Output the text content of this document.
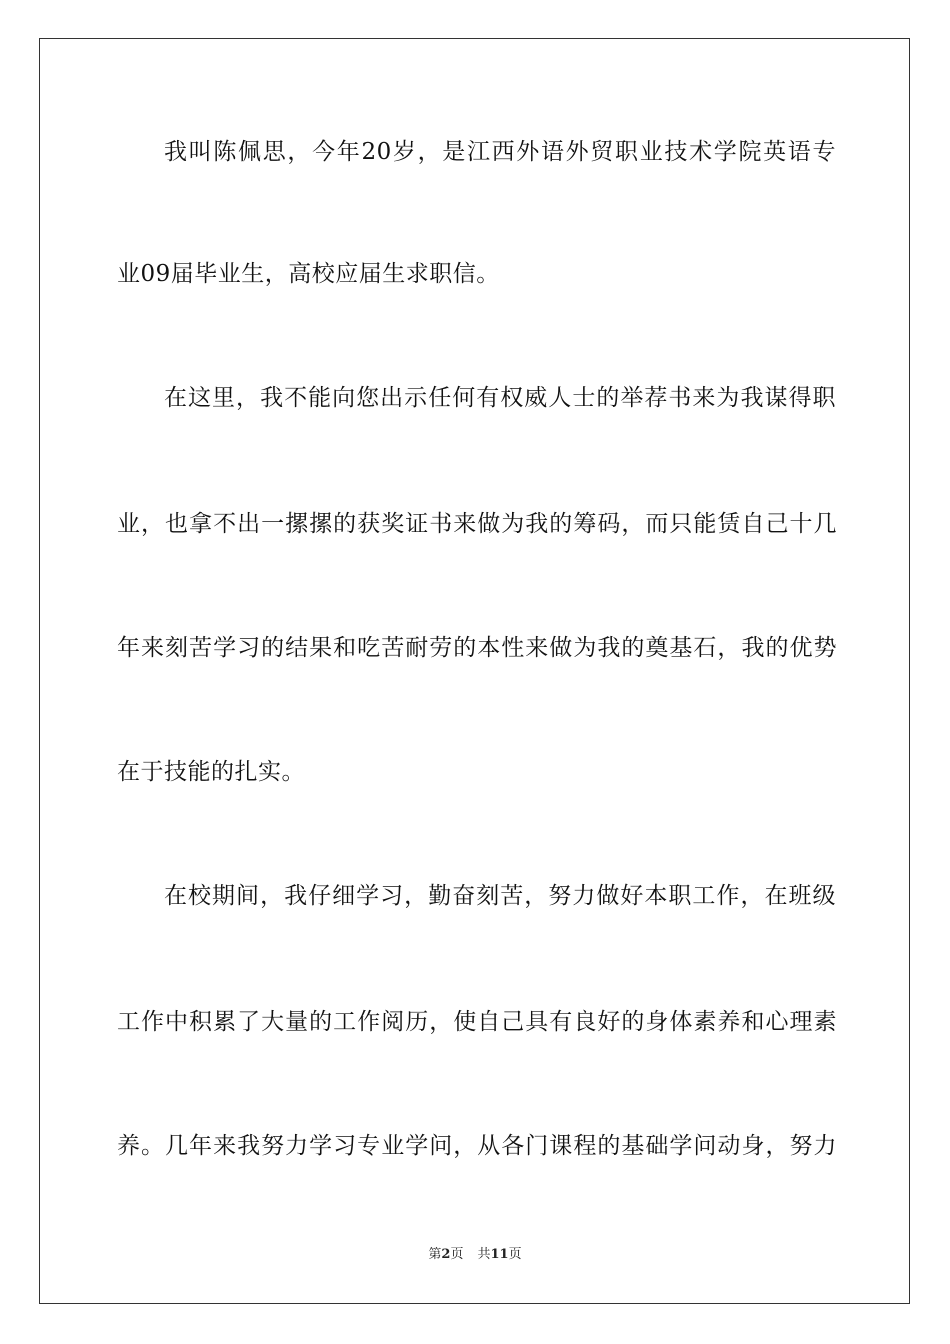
我叫陈佩思，今年20岁，是江西外语外贸职业技术学院英语专
业09届毕业生，高校应届生求职信。
在这里，我不能向您出示任何有权威人士的举荐书来为我谋得职
业，也拿不出一摞摞的获奖证书来做为我的筹码，而只能赁自己十几
年来刻苦学习的结果和吃苦耐劳的本性来做为我的奠基石，我的优势
在于技能的扎实。
在校期间，我仔细学习，勤奋刻苦，努力做好本职工作，在班级
工作中积累了大量的工作阅历，使自己具有良好的身体素养和心理素
养。几年来我努力学习专业学问，从各门课程的基础学问动身，努力
第2页 共11页
